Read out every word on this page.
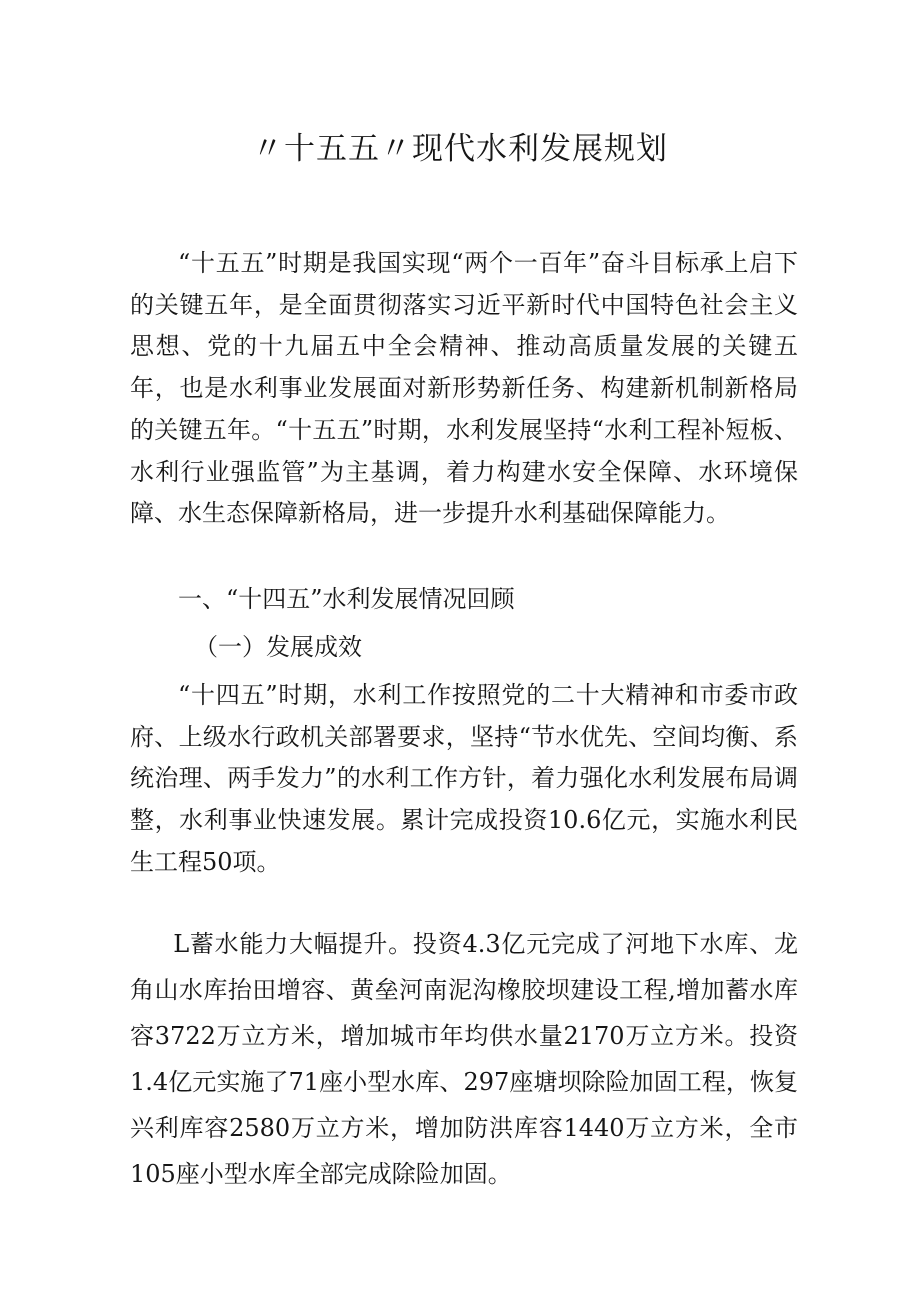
〃十五五〃现代水利发展规划

“十五五”时期是我国实现“两个一百年”奋斗目标承上启下的关键五年，是全面贯彻落实习近平新时代中国特色社会主义思想、党的十九届五中全会精神、推动高质量发展的关键五年，也是水利事业发展面对新形势新任务、构建新机制新格局的关键五年。“十五五”时期，水利发展坚持“水利工程补短板、水利行业强监管”为主基调，着力构建水安全保障、水环境保障、水生态保障新格局，进一步提升水利基础保障能力。

一、“十四五”水利发展情况回顾

（一）发展成效

“十四五”时期，水利工作按照党的二十大精神和市委市政府、上级水行政机关部署要求，坚持“节水优先、空间均衡、系统治理、两手发力”的水利工作方针，着力强化水利发展布局调整，水利事业快速发展。累计完成投资10.6亿元，实施水利民生工程50项。

L蓄水能力大幅提升。投资4.3亿元完成了河地下水库、龙角山水库抬田增容、黄垒河南泥沟橡胶坝建设工程,增加蓄水库容3722万立方米，增加城市年均供水量2170万立方米。投资1.4亿元实施了71座小型水库、297座塘坝除险加固工程，恢复兴利库容2580万立方米，增加防洪库容1440万立方米，全市105座小型水库全部完成除险加固。
